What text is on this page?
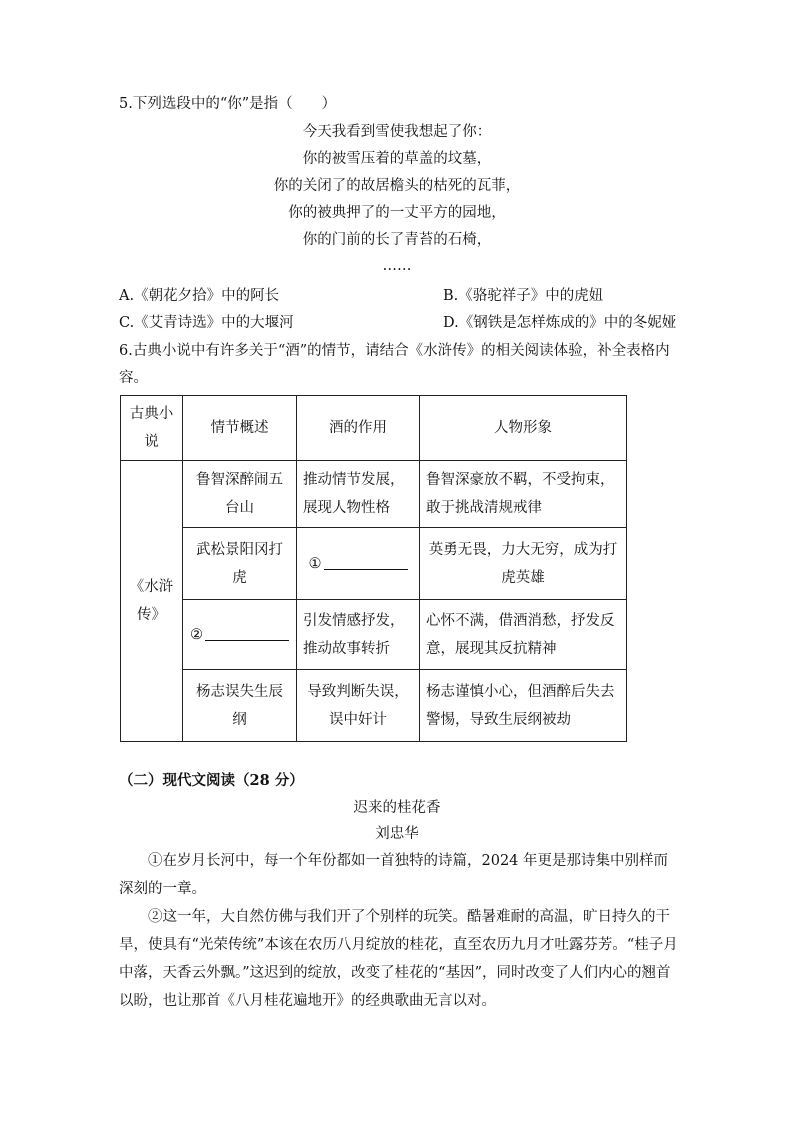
5.下列选段中的“你”是指（　　）
今天我看到雪使我想起了你：
你的被雪压着的草盖的坟墓，
你的关闭了的故居檐头的枯死的瓦菲，
你的被典押了的一丈平方的园地，
你的门前的长了青苔的石椅，
……
A.《朝花夕拾》中的阿长	B.《骆驼祥子》中的虎妞
C.《艾青诗选》中的大堰河	D.《钢铁是怎样炼成的》中的冬妮娅
6.古典小说中有许多关于“酒”的情节，请结合《水浒传》的相关阅读体验，补全表格内
容。
古典小说	情节概述	酒的作用	人物形象
《水浒传》	鲁智深醉闹五台山	推动情节发展，展现人物性格	鲁智深豪放不羁，不受拘束，敢于挑战清规戒律
	武松景阳冈打虎	①	英勇无畏，力大无穷，成为打虎英雄
	②	引发情感抒发，推动故事转折	心怀不满，借酒消愁，抒发反意，展现其反抗精神
	杨志误失生辰纲	导致判断失误，误中奸计	杨志谨慎小心，但酒醉后失去警惕，导致生辰纲被劫
（二）现代文阅读（28 分）
迟来的桂花香
刘忠华
①在岁月长河中，每一个年份都如一首独特的诗篇，2024 年更是那诗集中别样而深刻的一章。
②这一年，大自然仿佛与我们开了个别样的玩笑。酷暑难耐的高温，旷日持久的干旱，使具有“光荣传统”本该在农历八月绽放的桂花，直至农历九月才吐露芬芳。“桂子月中落，天香云外飘。”这迟到的绽放，改变了桂花的“基因”，同时改变了人们内心的翘首以盼，也让那首《八月桂花遍地开》的经典歌曲无言以对。
